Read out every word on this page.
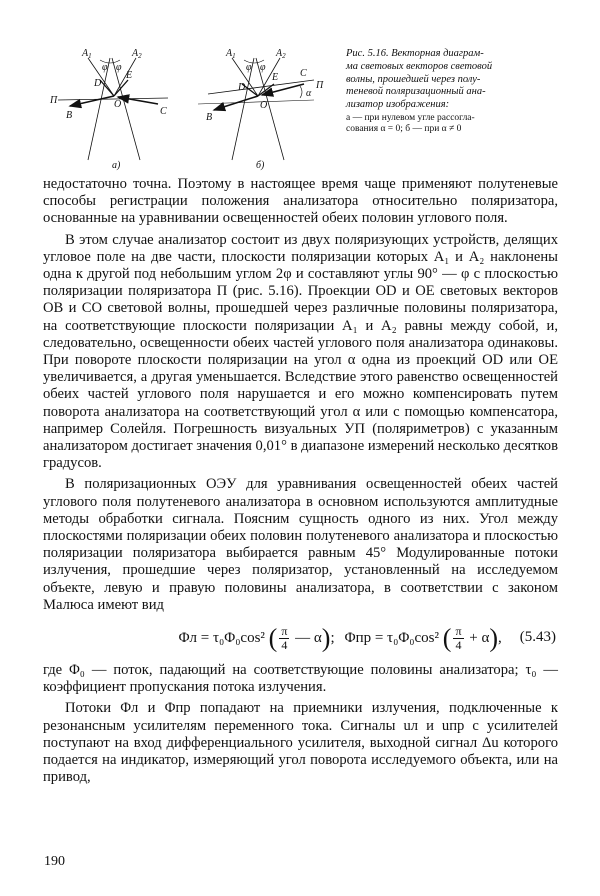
$A_1$	$A_2$
φ φ
D
E
O
П
B	C
а)
$A_1$	$A_2$
φ φ
D
E
O
П
B
C
α
б)
Рис. 5.16. Векторная диаграм-
ма световых векторов световой
волны, прошедшей через полу-
теневой поляризационный ана-
лизатор изображения:
а — при нулевом угле рассогла-
сования α = 0; б — при α ≠ 0

недостаточно точна. Поэтому в настоящее время чаще применяют полутеневые способы регистрации положения анализатора относительно поляризатора, основанные на уравнивании освещенностей обеих половин углового поля.

В этом случае анализатор состоит из двух поляризующих устройств, делящих угловое поле на две части, плоскости поляризации которых A₁ и A₂ наклонены одна к другой под небольшим углом 2φ и составляют углы 90° — φ с плоскостью поляризации поляризатора П (рис. 5.16). Проекции OD и OE световых векторов OB и CO световой волны, прошедшей через различные половины поляризатора, на соответствующие плоскости поляризации A₁ и A₂ равны между собой, и, следовательно, освещенности обеих частей углового поля анализатора одинаковы. При повороте плоскости поляризации на угол α одна из проекций OD или OE увеличивается, а другая уменьшается. Вследствие этого равенство освещенностей обеих частей углового поля нарушается и его можно компенсировать путем поворота анализатора на соответствующий угол α или с помощью компенсатора, например Солейля. Погрешность визуальных УП (поляриметров) с указанным анализатором достигает значения 0,01° в диапазоне измерений несколько десятков градусов.

В поляризационных ОЭУ для уравнивания освещенностей обеих частей углового поля полутеневого анализатора в основном используются амплитудные методы обработки сигнала. Поясним сущность одного из них. Угол между плоскостями поляризации обеих половин полутеневого анализатора и плоскостью поляризации поляризатора выбирается равным 45° Модулированные потоки излучения, прошедшие через поляризатор, установленный на исследуемом объекте, левую и правую половины анализатора, в соответствии с законом Малюса имеют вид

Φл = τ₀Φ₀cos² ( $\frac{\pi}{4}$ — α); Φпр = τ₀Φ₀cos² ( $\frac{\pi}{4} + \alpha$), (5.43)

где Φ₀ — поток, падающий на соответствующие половины анализатора; τ₀ — коэффициент пропускания потока излучения.

Потоки Φл и Φпр попадают на приемники излучения, подключенные к резонансным усилителям переменного тока. Сигналы uл и uпр с усилителей поступают на вход дифференциального усилителя, выходной сигнал Δu которого подается на индикатор, измеряющий угол поворота исследуемого объекта, или на привод,

190
